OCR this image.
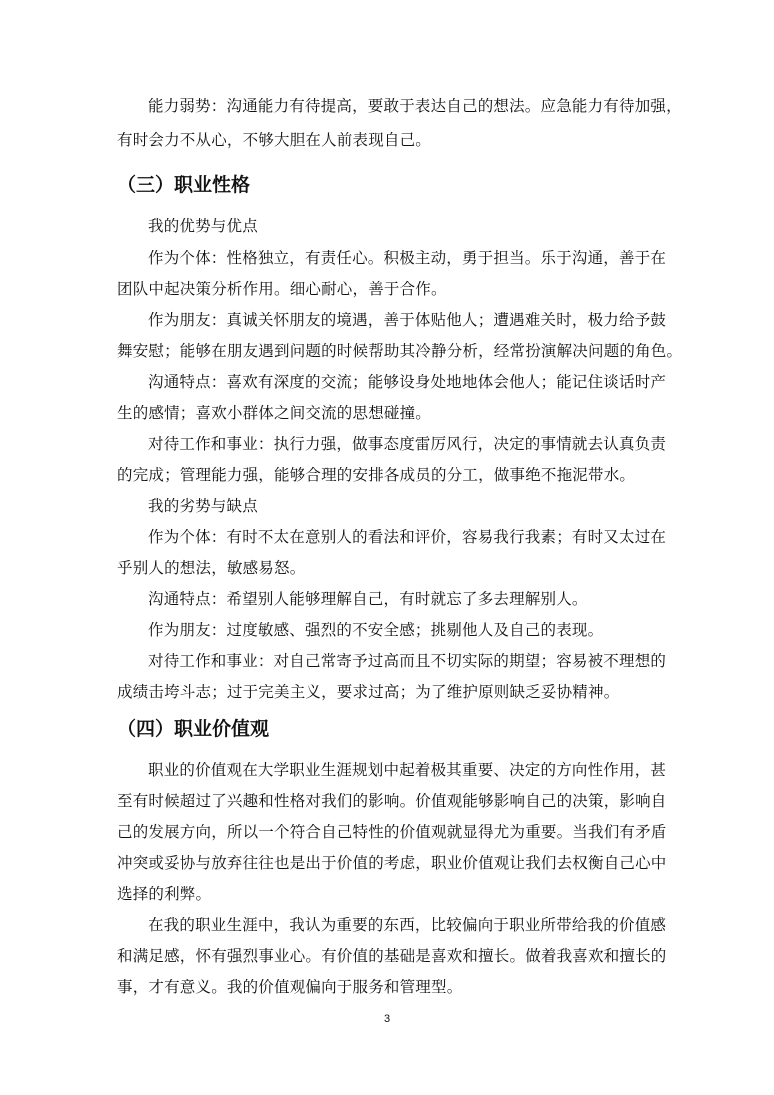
能力弱势：沟通能力有待提高，要敢于表达自己的想法。应急能力有待加强，
有时会力不从心，不够大胆在人前表现自己。
（三）职业性格
我的优势与优点
作为个体：性格独立，有责任心。积极主动，勇于担当。乐于沟通，善于在
团队中起决策分析作用。细心耐心，善于合作。
作为朋友：真诚关怀朋友的境遇，善于体贴他人；遭遇难关时，极力给予鼓
舞安慰；能够在朋友遇到问题的时候帮助其冷静分析，经常扮演解决问题的角色。
沟通特点：喜欢有深度的交流；能够设身处地地体会他人；能记住谈话时产
生的感情；喜欢小群体之间交流的思想碰撞。
对待工作和事业：执行力强，做事态度雷厉风行，决定的事情就去认真负责
的完成；管理能力强，能够合理的安排各成员的分工，做事绝不拖泥带水。
我的劣势与缺点
作为个体：有时不太在意别人的看法和评价，容易我行我素；有时又太过在
乎别人的想法，敏感易怒。
沟通特点：希望别人能够理解自己，有时就忘了多去理解别人。
作为朋友：过度敏感、强烈的不安全感；挑剔他人及自己的表现。
对待工作和事业：对自己常寄予过高而且不切实际的期望；容易被不理想的
成绩击垮斗志；过于完美主义，要求过高；为了维护原则缺乏妥协精神。
（四）职业价值观
职业的价值观在大学职业生涯规划中起着极其重要、决定的方向性作用，甚
至有时候超过了兴趣和性格对我们的影响。价值观能够影响自己的决策，影响自
己的发展方向，所以一个符合自己特性的价值观就显得尤为重要。当我们有矛盾
冲突或妥协与放弃往往也是出于价值的考虑，职业价值观让我们去权衡自己心中
选择的利弊。
在我的职业生涯中，我认为重要的东西，比较偏向于职业所带给我的价值感
和满足感，怀有强烈事业心。有价值的基础是喜欢和擅长。做着我喜欢和擅长的
事，才有意义。我的价值观偏向于服务和管理型。
3
